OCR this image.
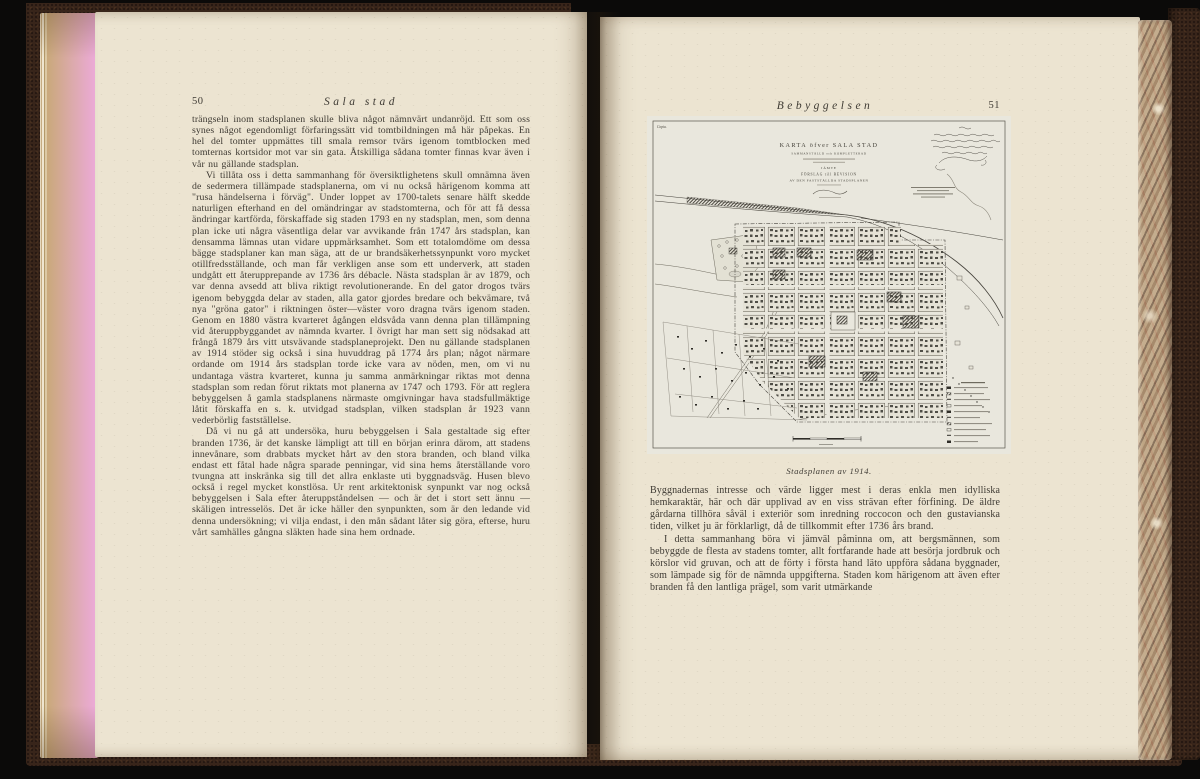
50	Sala stad

trängseln inom stadsplanen skulle bliva något nämnvärt undanröjd. Ett som oss synes något egendomligt förfaringssätt vid tomtbildningen må här påpekas. En hel del tomter uppmättes till smala remsor tvärs igenom tomtblocken med tomternas kortsidor mot var sin gata. Åtskilliga sådana tomter finnas kvar även i vår nu gällande stadsplan.

Vi tillåta oss i detta sammanhang för översiktlighetens skull omnämna även de sedermera tillämpade stadsplanerna, om vi nu också härigenom komma att "rusa händelserna i förväg". Under loppet av 1700-talets senare hälft skedde naturligen efterhand en del omändringar av stadstomterna, och för att få dessa ändringar kartförda, förskaffade sig staden 1793 en ny stadsplan, men, som denna plan icke uti några väsentliga delar var avvikande från 1747 års stadsplan, kan densamma lämnas utan vidare uppmärksamhet. Som ett totalomdöme om dessa bägge stadsplaner kan man säga, att de ur brandsäkerhetssynpunkt voro mycket otillfredsställande, och man får verkligen anse som ett underverk, att staden undgått ett återupprepande av 1736 års débacle. Nästa stadsplan är av 1879, och var denna avsedd att bliva riktigt revolutionerande. En del gator drogos tvärs igenom bebyggda delar av staden, alla gator gjordes bredare och bekvämare, två nya "gröna gator" i riktningen öster—väster voro dragna tvärs igenom staden. Genom en 1880 västra kvarteret ågången eldsvåda vann denna plan tillämpning vid återuppbyggandet av nämnda kvarter. I övrigt har man sett sig nödsakad att frångå 1879 års vitt utsvävande stadsplaneprojekt. Den nu gällande stadsplanen av 1914 stöder sig också i sina huvuddrag på 1774 års plan; något närmare ordande om 1914 års stadsplan torde icke vara av nöden, men, om vi nu undantaga västra kvarteret, kunna ju samma anmärkningar riktas mot denna stadsplan som redan förut riktats mot planerna av 1747 och 1793. För att reglera bebyggelsen å gamla stadsplanens närmaste omgivningar hava stadsfullmäktige låtit förskaffa en s. k. utvidgad stadsplan, vilken stadsplan år 1923 vann vederbörlig fastställelse.

Då vi nu gå att undersöka, huru bebyggelsen i Sala gestaltade sig efter branden 1736, är det kanske lämpligt att till en början erinra därom, att stadens innevånare, som drabbats mycket hårt av den stora branden, och bland vilka endast ett fåtal hade några sparade penningar, vid sina hems återställande voro tvungna att inskränka sig till det allra enklaste uti byggnadsväg. Husen blevo också i regel mycket konstlösa. Ur rent arkitektonisk synpunkt var nog också bebyggelsen i Sala efter återuppståndelsen — och är det i stort sett ännu — skäligen intresselös. Det är icke häller den synpunkten, som är den ledande vid denna undersökning; vi vilja endast, i den mån sådant låter sig göra, efterse, huru vårt samhälles gångna släkten hade sina hem ordnade.

Bebyggelsen	51
Copia.
KARTA öfver SALA STAD
SAMMANSTÄLLD och KOMPLETTERAD
JÄMTE
FÖRSLAG till REVISION
AV DEN FASTSTÄLLDA STADSPLANEN
Stadsplanen av 1914.

Byggnadernas intresse och värde ligger mest i deras enkla men idylliska hemkaraktär, här och där upplivad av en viss strävan efter förfining. De äldre gårdarna tillhöra såväl i exteriör som inredning roccocon och den gustavianska tiden, vilket ju är förklarligt, då de tillkommit efter 1736 års brand.

I detta sammanhang böra vi jämväl påminna om, att bergsmännen, som bebyggde de flesta av stadens tomter, allt fortfarande hade att besörja jordbruk och körslor vid gruvan, och att de förty i första hand läto uppföra sådana byggnader, som lämpade sig för de nämnda uppgifterna. Staden kom härigenom att även efter branden få den lantliga prägel, som varit utmärkande
